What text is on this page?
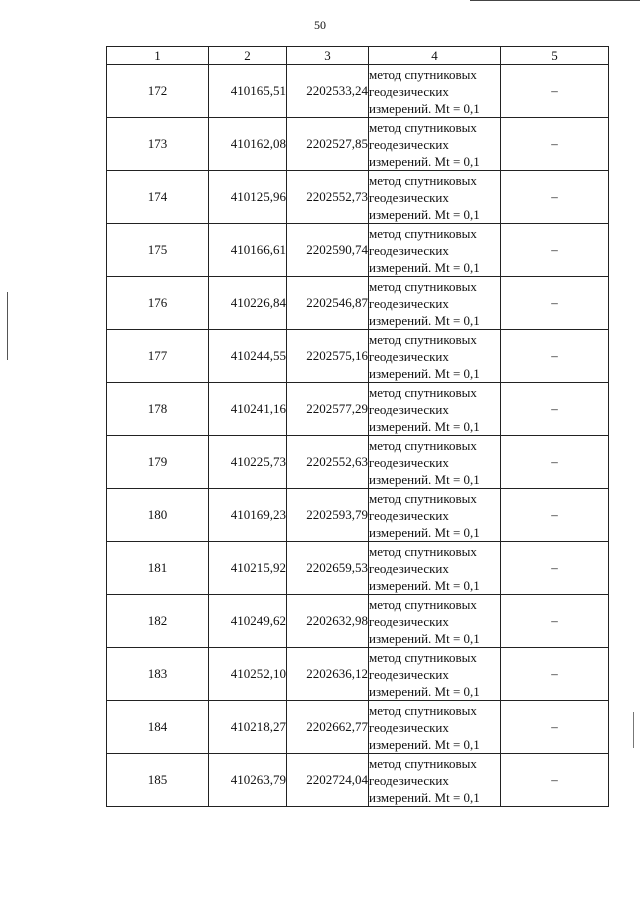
50
1	2	3	4	5
172	410165,51	2202533,24	метод спутниковых
геодезических
измерений. Mt = 0,1	–
173	410162,08	2202527,85	метод спутниковых
геодезических
измерений. Mt = 0,1	–
174	410125,96	2202552,73	метод спутниковых
геодезических
измерений. Mt = 0,1	–
175	410166,61	2202590,74	метод спутниковых
геодезических
измерений. Mt = 0,1	–
176	410226,84	2202546,87	метод спутниковых
геодезических
измерений. Mt = 0,1	–
177	410244,55	2202575,16	метод спутниковых
геодезических
измерений. Mt = 0,1	–
178	410241,16	2202577,29	метод спутниковых
геодезических
измерений. Mt = 0,1	–
179	410225,73	2202552,63	метод спутниковых
геодезических
измерений. Mt = 0,1	–
180	410169,23	2202593,79	метод спутниковых
геодезических
измерений. Mt = 0,1	–
181	410215,92	2202659,53	метод спутниковых
геодезических
измерений. Mt = 0,1	–
182	410249,62	2202632,98	метод спутниковых
геодезических
измерений. Mt = 0,1	–
183	410252,10	2202636,12	метод спутниковых
геодезических
измерений. Mt = 0,1	–
184	410218,27	2202662,77	метод спутниковых
геодезических
измерений. Mt = 0,1	–
185	410263,79	2202724,04	метод спутниковых
геодезических
измерений. Mt = 0,1	–
